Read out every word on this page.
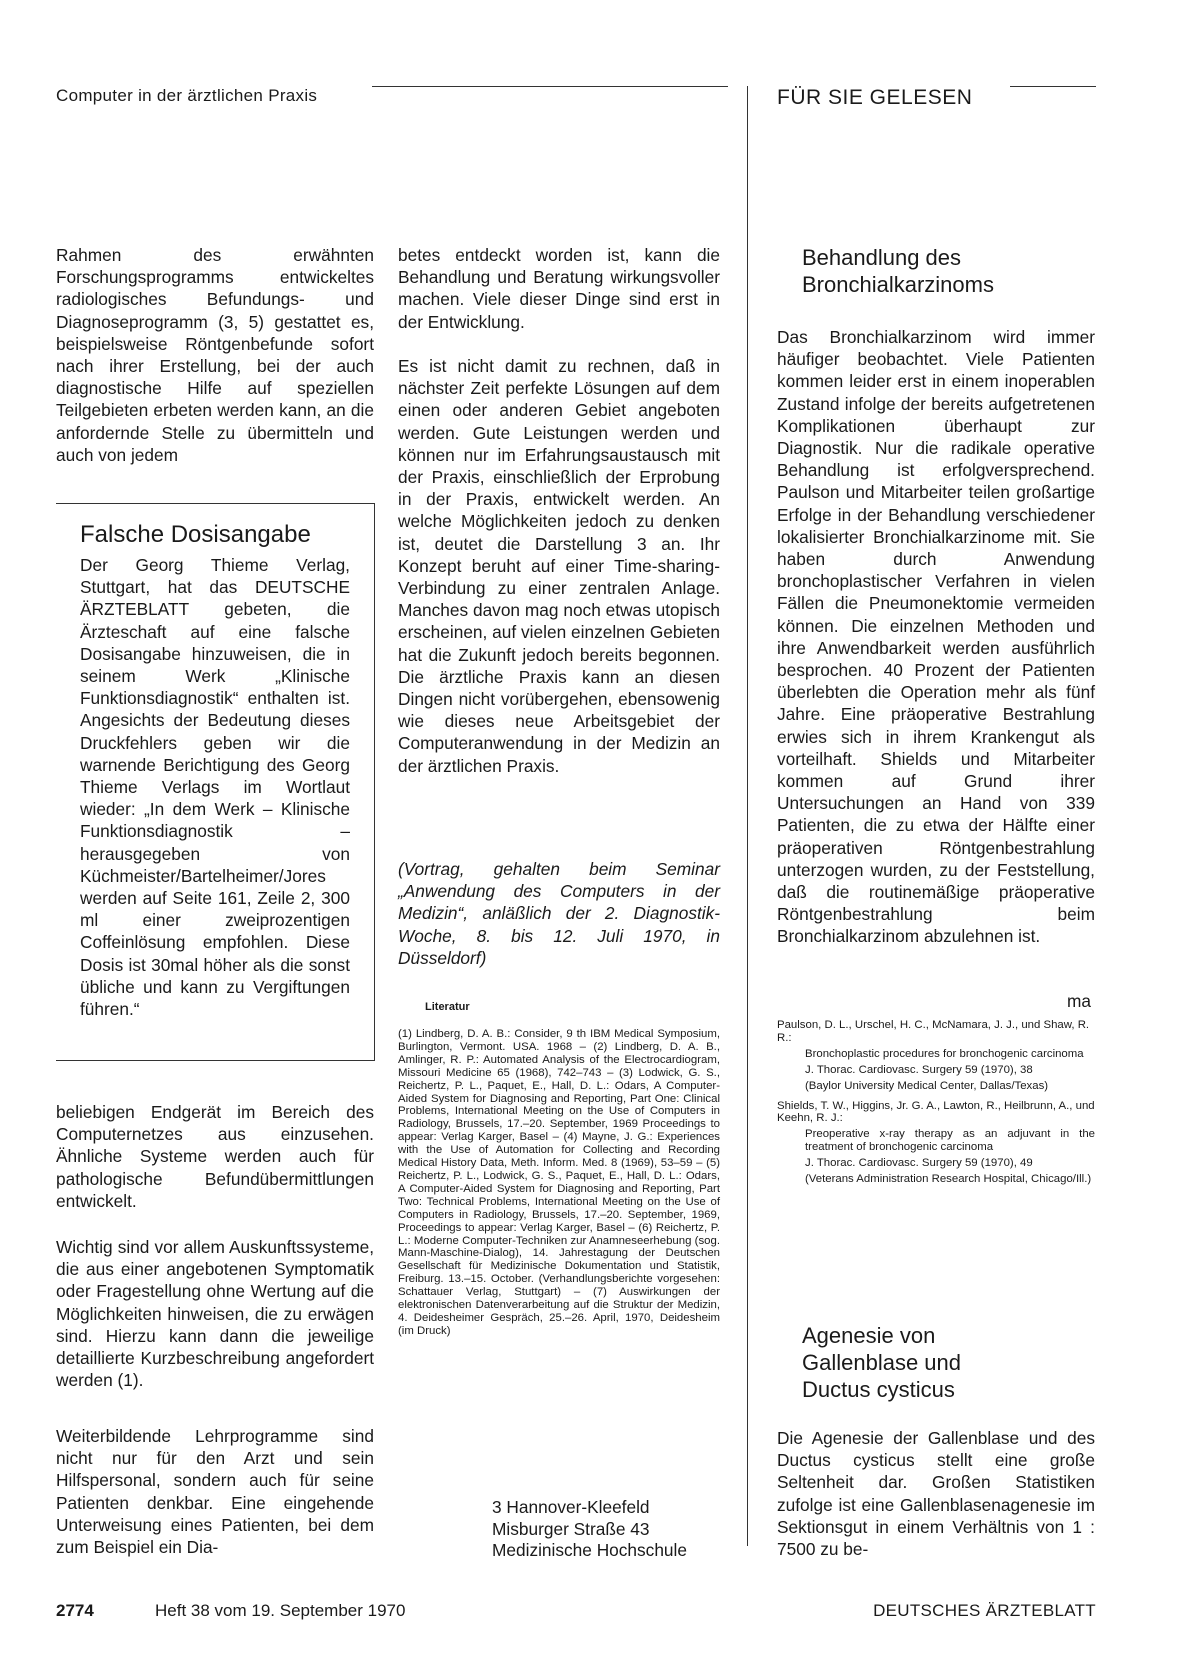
Computer in der ärztlichen Praxis	FÜR SIE GELESEN

Rahmen des erwähnten Forschungsprogramms entwickeltes radiologisches Befundungs- und Diagnoseprogramm (3, 5) gestattet es, beispielsweise Röntgenbefunde sofort nach ihrer Erstellung, bei der auch diagnostische Hilfe auf speziellen Teilgebieten erbeten werden kann, an die anfordernde Stelle zu übermitteln und auch von jedem

Falsche Dosisangabe

Der Georg Thieme Verlag, Stuttgart, hat das DEUTSCHE ÄRZTEBLATT gebeten, die Ärzteschaft auf eine falsche Dosisangabe hinzuweisen, die in seinem Werk „Klinische Funktionsdiagnostik“ enthalten ist. Angesichts der Bedeutung dieses Druckfehlers geben wir die warnende Berichtigung des Georg Thieme Verlags im Wortlaut wieder: „In dem Werk – Klinische Funktionsdiagnostik – herausgegeben von Küchmeister/Bartelheimer/Jores werden auf Seite 161, Zeile 2, 300 ml einer zweiprozentigen Coffeinlösung empfohlen. Diese Dosis ist 30mal höher als die sonst übliche und kann zu Vergiftungen führen.“

beliebigen Endgerät im Bereich des Computernetzes aus einzusehen. Ähnliche Systeme werden auch für pathologische Befundübermittlungen entwickelt.

Wichtig sind vor allem Auskunftssysteme, die aus einer angebotenen Symptomatik oder Fragestellung ohne Wertung auf die Möglichkeiten hinweisen, die zu erwägen sind. Hierzu kann dann die jeweilige detaillierte Kurzbeschreibung angefordert werden (1).

Weiterbildende Lehrprogramme sind nicht nur für den Arzt und sein Hilfspersonal, sondern auch für seine Patienten denkbar. Eine eingehende Unterweisung eines Patienten, bei dem zum Beispiel ein Dia-

betes entdeckt worden ist, kann die Behandlung und Beratung wirkungsvoller machen. Viele dieser Dinge sind erst in der Entwicklung.

Es ist nicht damit zu rechnen, daß in nächster Zeit perfekte Lösungen auf dem einen oder anderen Gebiet angeboten werden. Gute Leistungen werden und können nur im Erfahrungsaustausch mit der Praxis, einschließlich der Erprobung in der Praxis, entwickelt werden. An welche Möglichkeiten jedoch zu denken ist, deutet die Darstellung 3 an. Ihr Konzept beruht auf einer Time-sharing-Verbindung zu einer zentralen Anlage. Manches davon mag noch etwas utopisch erscheinen, auf vielen einzelnen Gebieten hat die Zukunft jedoch bereits begonnen. Die ärztliche Praxis kann an diesen Dingen nicht vorübergehen, ebensowenig wie dieses neue Arbeitsgebiet der Computeranwendung in der Medizin an der ärztlichen Praxis.

(Vortrag, gehalten beim Seminar „Anwendung des Computers in der Medizin“, anläßlich der 2. Diagnostik-Woche, 8. bis 12. Juli 1970, in Düsseldorf)

Literatur

(1) Lindberg, D. A. B.: Consider, 9 th IBM Medical Symposium, Burlington, Vermont. USA. 1968 – (2) Lindberg, D. A. B., Amlinger, R. P.: Automated Analysis of the Electrocardiogram, Missouri Medicine 65 (1968), 742–743 – (3) Lodwick, G. S., Reichertz, P. L., Paquet, E., Hall, D. L.: Odars, A Computer-Aided System for Diagnosing and Reporting, Part One: Clinical Problems, International Meeting on the Use of Computers in Radiology, Brussels, 17.–20. September, 1969 Proceedings to appear: Verlag Karger, Basel – (4) Mayne, J. G.: Experiences with the Use of Automation for Collecting and Recording Medical History Data, Meth. Inform. Med. 8 (1969), 53–59 – (5) Reichertz, P. L., Lodwick, G. S., Paquet, E., Hall, D. L.: Odars, A Computer-Aided System for Diagnosing and Reporting, Part Two: Technical Problems, International Meeting on the Use of Computers in Radiology, Brussels, 17.–20. September, 1969, Proceedings to appear: Verlag Karger, Basel – (6) Reichertz, P. L.: Moderne Computer-Techniken zur Anamneseerhebung (sog. Mann-Maschine-Dialog), 14. Jahrestagung der Deutschen Gesellschaft für Medizinische Dokumentation und Statistik, Freiburg. 13.–15. October. (Verhandlungsberichte vorgesehen: Schattauer Verlag, Stuttgart) – (7) Auswirkungen der elektronischen Datenverarbeitung auf die Struktur der Medizin, 4. Deidesheimer Gespräch, 25.–26. April, 1970, Deidesheim (im Druck)

3 Hannover-Kleefeld
Misburger Straße 43
Medizinische Hochschule
Behandlung des
Bronchialkarzinoms

Das Bronchialkarzinom wird immer häufiger beobachtet. Viele Patienten kommen leider erst in einem inoperablen Zustand infolge der bereits aufgetretenen Komplikationen überhaupt zur Diagnostik. Nur die radikale operative Behandlung ist erfolgversprechend. Paulson und Mitarbeiter teilen großartige Erfolge in der Behandlung verschiedener lokalisierter Bronchialkarzinome mit. Sie haben durch Anwendung bronchoplastischer Verfahren in vielen Fällen die Pneumonektomie vermeiden können. Die einzelnen Methoden und ihre Anwendbarkeit werden ausführlich besprochen. 40 Prozent der Patienten überlebten die Operation mehr als fünf Jahre. Eine präoperative Bestrahlung erwies sich in ihrem Krankengut als vorteilhaft. Shields und Mitarbeiter kommen auf Grund ihrer Untersuchungen an Hand von 339 Patienten, die zu etwa der Hälfte einer präoperativen Röntgenbestrahlung unterzogen wurden, zu der Feststellung, daß die routinemäßige präoperative Röntgenbestrahlung beim Bronchialkarzinom abzulehnen ist.

ma

Paulson, D. L., Urschel, H. C., McNamara, J. J., und Shaw, R. R.:

Bronchoplastic procedures for bronchogenic carcinoma

J. Thorac. Cardiovasc. Surgery 59 (1970), 38

(Baylor University Medical Center, Dallas/Texas)

Shields, T. W., Higgins, Jr. G. A., Lawton, R., Heilbrunn, A., und Keehn, R. J.:

Preoperative x-ray therapy as an adjuvant in the treatment of bronchogenic carcinoma

J. Thorac. Cardiovasc. Surgery 59 (1970), 49

(Veterans Administration Research Hospital, Chicago/Ill.)

Agenesie von
Gallenblase und
Ductus cysticus

Die Agenesie der Gallenblase und des Ductus cysticus stellt eine große Seltenheit dar. Großen Statistiken zufolge ist eine Gallenblasenagenesie im Sektionsgut in einem Verhältnis von 1 : 7500 zu be-

2774	Heft 38 vom 19. September 1970	DEUTSCHES ÄRZTEBLATT
